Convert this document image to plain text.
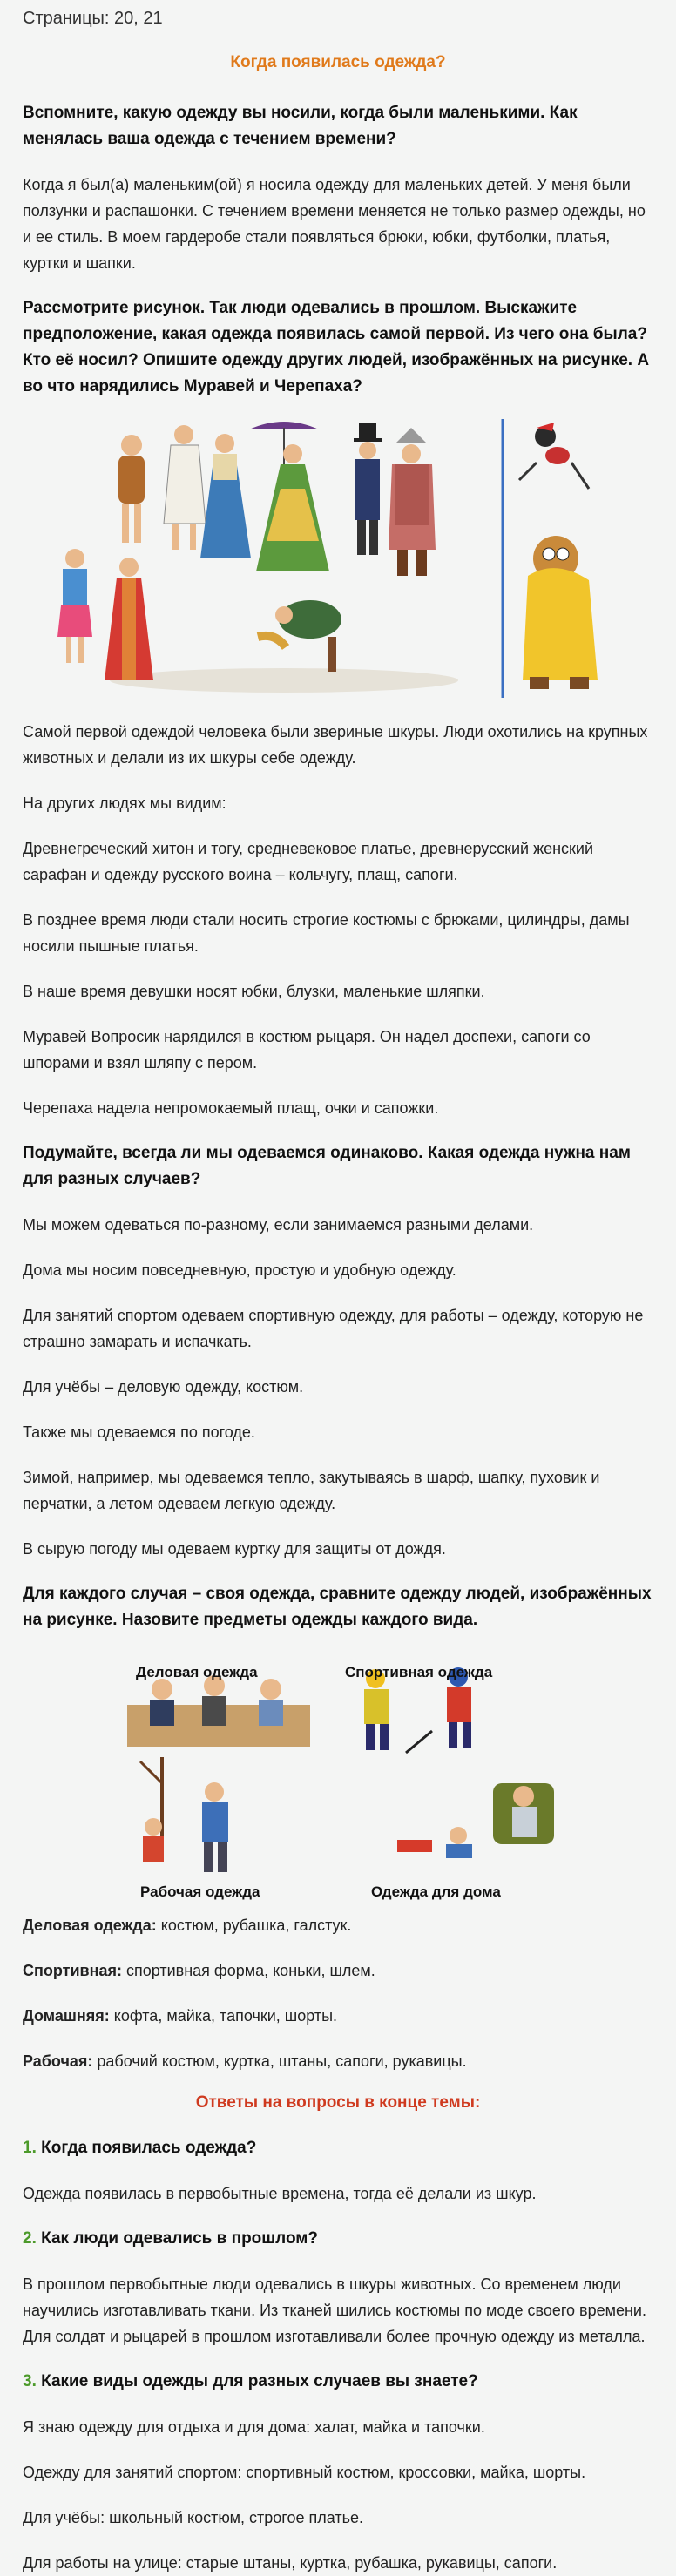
Страницы: 20, 21
Когда появилась одежда?
Вспомните, какую одежду вы носили, когда были маленькими. Как менялась ваша одежда с течением времени?
Когда я был(а) маленьким(ой) я носила одежду для маленьких детей. У меня были ползунки и распашонки. С течением времени меняется не только размер одежды, но и ее стиль. В моем гардеробе стали появляться брюки, юбки, футболки, платья, куртки и шапки.
Рассмотрите рисунок. Так люди одевались в прошлом. Выскажите предположение, какая одежда появилась самой первой. Из чего она была? Кто её носил? Опишите одежду других людей, изображённых на рисунке. А во что нарядились Муравей и Черепаха?
Самой первой одеждой человека были звериные шкуры. Люди охотились на крупных животных и делали из их шкуры себе одежду.
На других людях мы видим:
Древнегреческий хитон и тогу, средневековое платье, древнерусский женский сарафан и одежду русского воина – кольчугу, плащ, сапоги.
В позднее время люди стали носить строгие костюмы с брюками, цилиндры, дамы носили пышные платья.
В наше время девушки носят юбки, блузки, маленькие шляпки.
Муравей Вопросик нарядился в костюм рыцаря. Он надел доспехи, сапоги со шпорами и взял шляпу с пером.
Черепаха надела непромокаемый плащ, очки и сапожки.
Подумайте, всегда ли мы одеваемся одинаково. Какая одежда нужна нам для разных случаев?
Мы можем одеваться по-разному, если занимаемся разными делами.
Дома мы носим повседневную, простую и удобную одежду.
Для занятий спортом одеваем спортивную одежду, для работы – одежду, которую не страшно замарать и испачкать.
Для учёбы – деловую одежду, костюм.
Также мы одеваемся по погоде.
Зимой, например, мы одеваемся тепло, закутываясь в шарф, шапку, пуховик и перчатки, а летом одеваем легкую одежду.
В сырую погоду мы одеваем куртку для защиты от дождя.
Для каждого случая – своя одежда, сравните одежду людей, изображённых на рисунке. Назовите предметы одежды каждого вида.
Деловая одежда	Спортивная одежда
Рабочая одежда	Одежда для дома
Деловая одежда: костюм, рубашка, галстук.
Спортивная: спортивная форма, коньки, шлем.
Домашняя: кофта, майка, тапочки, шорты.
Рабочая: рабочий костюм, куртка, штаны, сапоги, рукавицы.
Ответы на вопросы в конце темы:
1. Когда появилась одежда?
Одежда появилась в первобытные времена, тогда её делали из шкур.
2. Как люди одевались в прошлом?
В прошлом первобытные люди одевались в шкуры животных. Со временем люди научились изготавливать ткани. Из тканей шились костюмы по моде своего времени. Для солдат и рыцарей в прошлом изготавливали более прочную одежду из металла.
3. Какие виды одежды для разных случаев вы знаете?
Я знаю одежду для отдыха и для дома: халат, майка и тапочки.
Одежду для занятий спортом: спортивный костюм, кроссовки, майка, шорты.
Для учёбы: школьный костюм, строгое платье.
Для работы на улице: старые штаны, куртка, рубашка, рукавицы, сапоги.
